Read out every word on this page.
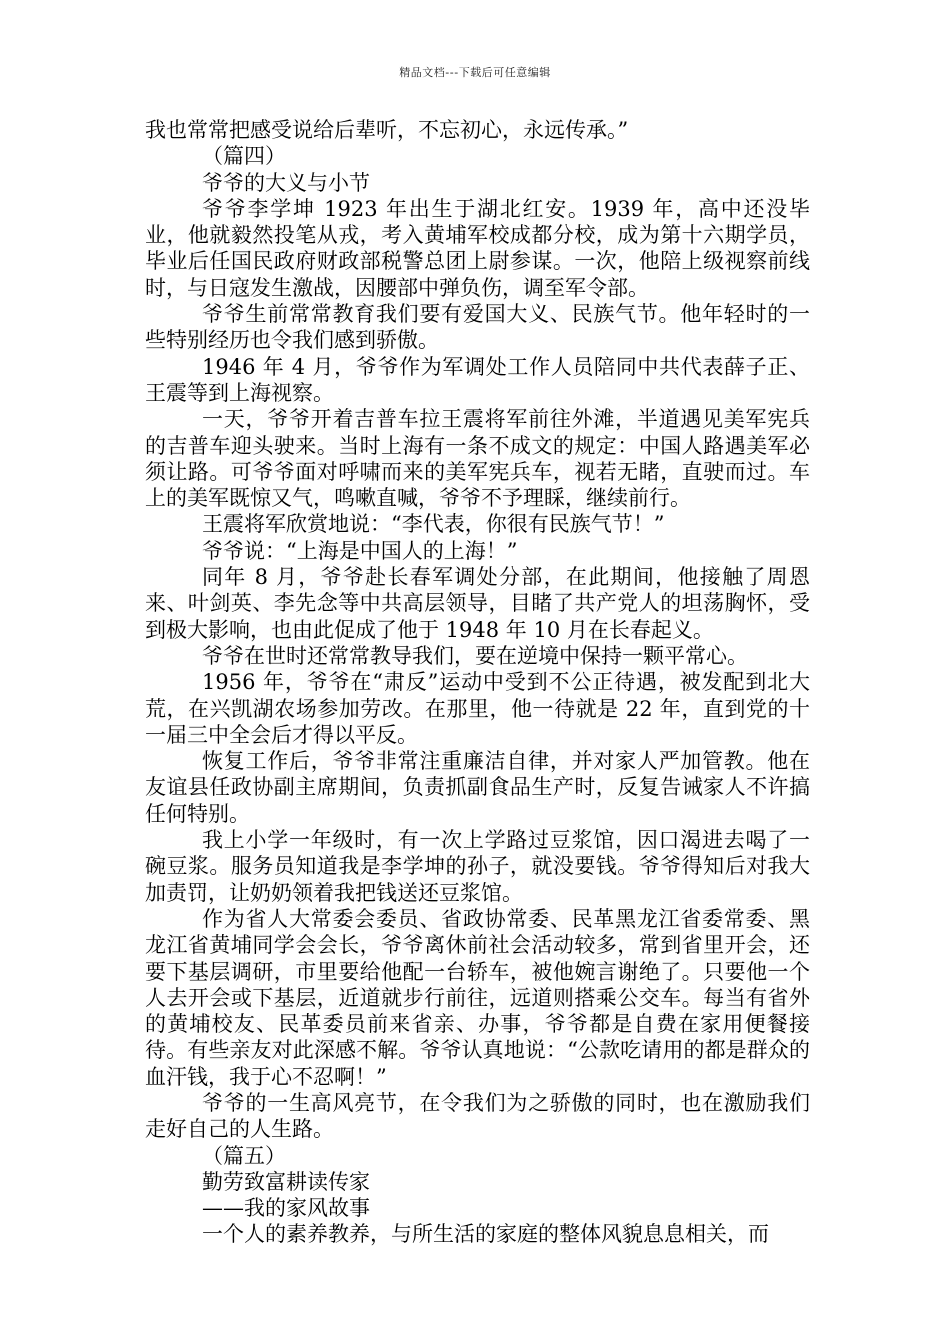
精品文档---下载后可任意编辑

我也常常把感受说给后辈听，不忘初心，永远传承。”

（篇四）

爷爷的大义与小节

爷爷李学坤 1923 年出生于湖北红安。1939 年，高中还没毕业，他就毅然投笔从戎，考入黄埔军校成都分校，成为第十六期学员，毕业后任国民政府财政部税警总团上尉参谋。一次，他陪上级视察前线时，与日寇发生激战，因腰部中弹负伤，调至军令部。

爷爷生前常常教育我们要有爱国大义、民族气节。他年轻时的一些特别经历也令我们感到骄傲。

1946 年 4 月，爷爷作为军调处工作人员陪同中共代表薛子正、王震等到上海视察。

一天，爷爷开着吉普车拉王震将军前往外滩，半道遇见美军宪兵的吉普车迎头驶来。当时上海有一条不成文的规定：中国人路遇美军必须让路。可爷爷面对呼啸而来的美军宪兵车，视若无睹，直驶而过。车上的美军既惊又气，鸣嗽直喊，爷爷不予理睬，继续前行。

王震将军欣赏地说：“李代表，你很有民族气节！”

爷爷说：“上海是中国人的上海！”

同年 8 月，爷爷赴长春军调处分部，在此期间，他接触了周恩来、叶剑英、李先念等中共高层领导，目睹了共产党人的坦荡胸怀，受到极大影响，也由此促成了他于 1948 年 10 月在长春起义。

爷爷在世时还常常教导我们，要在逆境中保持一颗平常心。

1956 年，爷爷在“肃反”运动中受到不公正待遇，被发配到北大荒，在兴凯湖农场参加劳改。在那里，他一待就是 22 年，直到党的十一届三中全会后才得以平反。

恢复工作后，爷爷非常注重廉洁自律，并对家人严加管教。他在友谊县任政协副主席期间，负责抓副食品生产时，反复告诫家人不许搞任何特别。

我上小学一年级时，有一次上学路过豆浆馆，因口渴进去喝了一碗豆浆。服务员知道我是李学坤的孙子，就没要钱。爷爷得知后对我大加责罚，让奶奶领着我把钱送还豆浆馆。

作为省人大常委会委员、省政协常委、民革黑龙江省委常委、黑龙江省黄埔同学会会长，爷爷离休前社会活动较多，常到省里开会，还要下基层调研，市里要给他配一台轿车，被他婉言谢绝了。只要他一个人去开会或下基层，近道就步行前往，远道则搭乘公交车。每当有省外的黄埔校友、民革委员前来省亲、办事，爷爷都是自费在家用便餐接待。有些亲友对此深感不解。爷爷认真地说：“公款吃请用的都是群众的血汗钱，我于心不忍啊！”

爷爷的一生高风亮节，在令我们为之骄傲的同时，也在激励我们走好自己的人生路。

（篇五）

勤劳致富耕读传家

——我的家风故事

一个人的素养教养，与所生活的家庭的整体风貌息息相关，而
